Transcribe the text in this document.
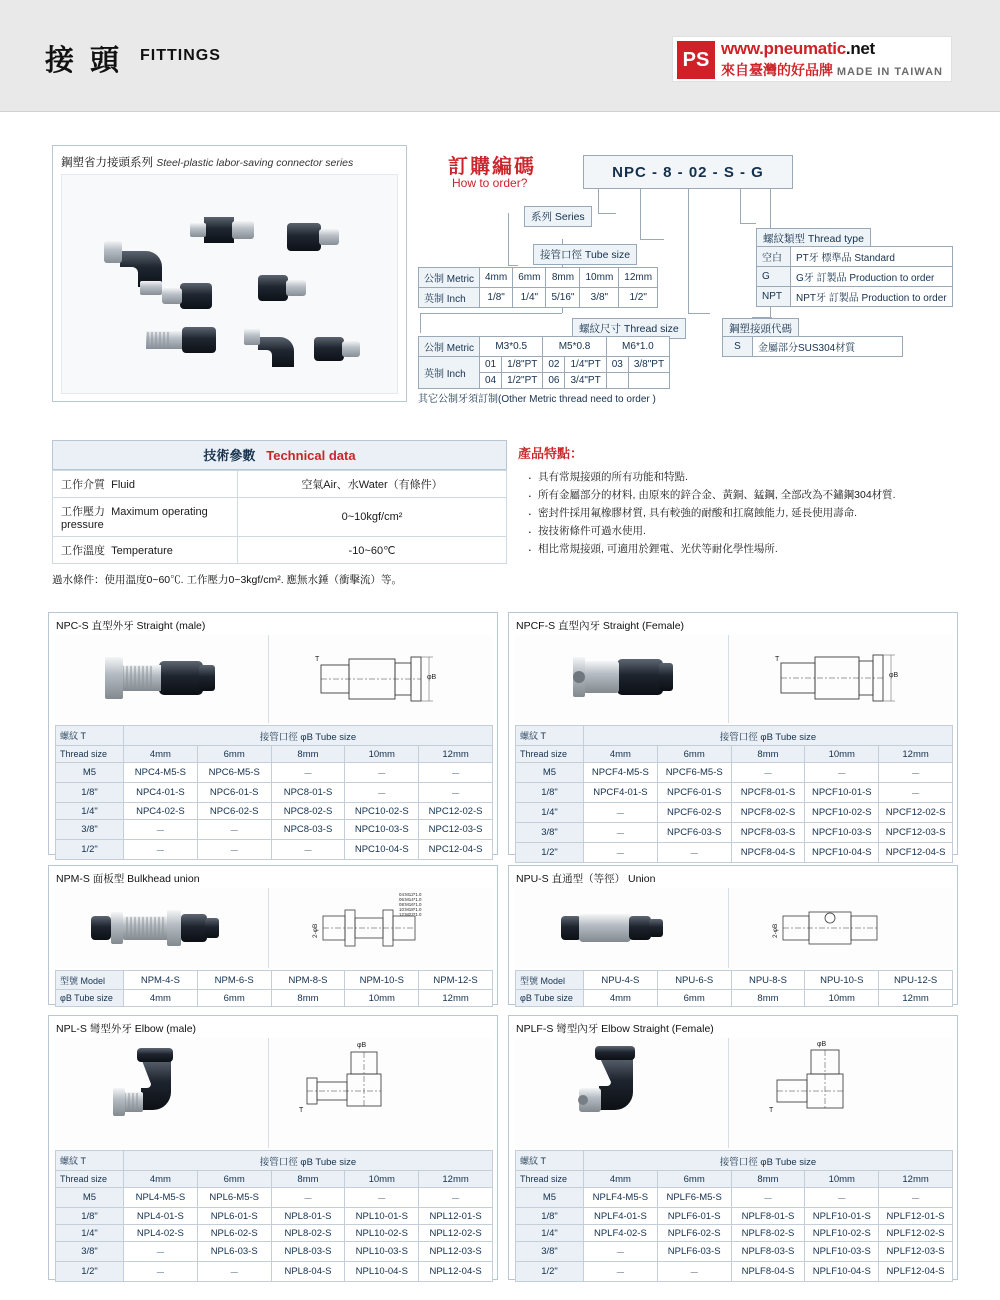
接 頭 FITTINGS	PS
www.pneumatic.net
來自臺灣的好品牌 MADE IN TAIWAN
鋼塑省力接頭系列 Steel-plastic labor-saving connector series	訂購編碼
How to order?
NPC - 8 - 02 - S - G
系列 Series
接管口徑 Tube size
螺紋尺寸 Thread size
螺紋類型 Thread type
鋼塑接頭代碼
公制 Metric	4mm	6mm	8mm	10mm	12mm
英制 Inch	1/8"	1/4"	5/16"	3/8"	1/2"
公制 Metric	M3*0.5		M5*0.8		M6*1.0	
英制 Inch	01	1/8"PT	02	1/4"PT	03	3/8"PT
	04	1/2"PT	06	3/4"PT		
其它公制牙須訂制(Other Metric thread need to order )
空白	PT牙 標準品 Standard
G	G牙 訂製品 Production to order
NPT	NPT牙 訂製品 Production to order
S	金屬部分SUS304材質
技術參數 Technical data
工作介質 Fluid	空氣Air、水Water（有條件）
工作壓力 Maximum operating pressure	0~10kgf/cm²
工作溫度 Temperature	-10~60℃
過水條件：使用溫度0~60℃. 工作壓力0~3kgf/cm². 應無水錘（衝擊流）等。
產品特點：
. 具有常規接頭的所有功能和特點.
. 所有金屬部分的材料, 由原來的鋅合金、黃銅、錳鋼, 全部改為不鏽鋼304材質.
. 密封件採用氟橡膠材質, 具有較強的耐酸和扛腐蝕能力, 延長使用壽命.
. 按技術條件可過水使用.
. 相比常規接頭, 可適用於鋰電、光伏等耐化學性場所.
NPC-S 直型外牙 Straight (male)
T
φB
螺紋 T	接管口徑 φB Tube size				
Thread size	4mm	6mm	8mm	10mm	12mm
M5	NPC4-M5-S	NPC6-M5-S	－	－	－
1/8"	NPC4-01-S	NPC6-01-S	NPC8-01-S	－	－
1/4"	NPC4-02-S	NPC6-02-S	NPC8-02-S	NPC10-02-S	NPC12-02-S
3/8"	－	－	NPC8-03-S	NPC10-03-S	NPC12-03-S
1/2"	－	－	－	NPC10-04-S	NPC12-04-S
NPCF-S 直型內牙 Straight (Female)
T
φB
螺紋 T	接管口徑 φB Tube size				
Thread size	4mm	6mm	8mm	10mm	12mm
M5	NPCF4-M5-S	NPCF6-M5-S	－	－	－
1/8"	NPCF4-01-S	NPCF6-01-S	NPCF8-01-S	NPCF10-01-S	－
1/4"	－	NPCF6-02-S	NPCF8-02-S	NPCF10-02-S	NPCF12-02-S
3/8"	－	NPCF6-03-S	NPCF8-03-S	NPCF10-03-S	NPCF12-03-S
1/2"	－	－	NPCF8-04-S	NPCF10-04-S	NPCF12-04-S
NPM-S 面板型 Bulkhead union
2-φB
04:M12*1.0
06:M14*1.0
08:M16*1.0
10:M18*1.0
12:M22*1.0
型號 Model	NPM-4-S	NPM-6-S	NPM-8-S	NPM-10-S	NPM-12-S
φB Tube size	4mm	6mm	8mm	10mm	12mm
NPU-S 直通型（等徑） Union
2-φB
型號 Model	NPU-4-S	NPU-6-S	NPU-8-S	NPU-10-S	NPU-12-S
φB Tube size	4mm	6mm	8mm	10mm	12mm
NPL-S 彎型外牙 Elbow (male)
φB
T
螺紋 T	接管口徑 φB Tube size				
Thread size	4mm	6mm	8mm	10mm	12mm
M5	NPL4-M5-S	NPL6-M5-S	－	－	－
1/8"	NPL4-01-S	NPL6-01-S	NPL8-01-S	NPL10-01-S	NPL12-01-S
1/4"	NPL4-02-S	NPL6-02-S	NPL8-02-S	NPL10-02-S	NPL12-02-S
3/8"	－	NPL6-03-S	NPL8-03-S	NPL10-03-S	NPL12-03-S
1/2"	－	－	NPL8-04-S	NPL10-04-S	NPL12-04-S
NPLF-S 彎型內牙 Elbow Straight (Female)
φB
T
螺紋 T	接管口徑 φB Tube size				
Thread size	4mm	6mm	8mm	10mm	12mm
M5	NPLF4-M5-S	NPLF6-M5-S	－	－	－
1/8"	NPLF4-01-S	NPLF6-01-S	NPLF8-01-S	NPLF10-01-S	NPLF12-01-S
1/4"	NPLF4-02-S	NPLF6-02-S	NPLF8-02-S	NPLF10-02-S	NPLF12-02-S
3/8"	－	NPLF6-03-S	NPLF8-03-S	NPLF10-03-S	NPLF12-03-S
1/2"	－	－	NPLF8-04-S	NPLF10-04-S	NPLF12-04-S
